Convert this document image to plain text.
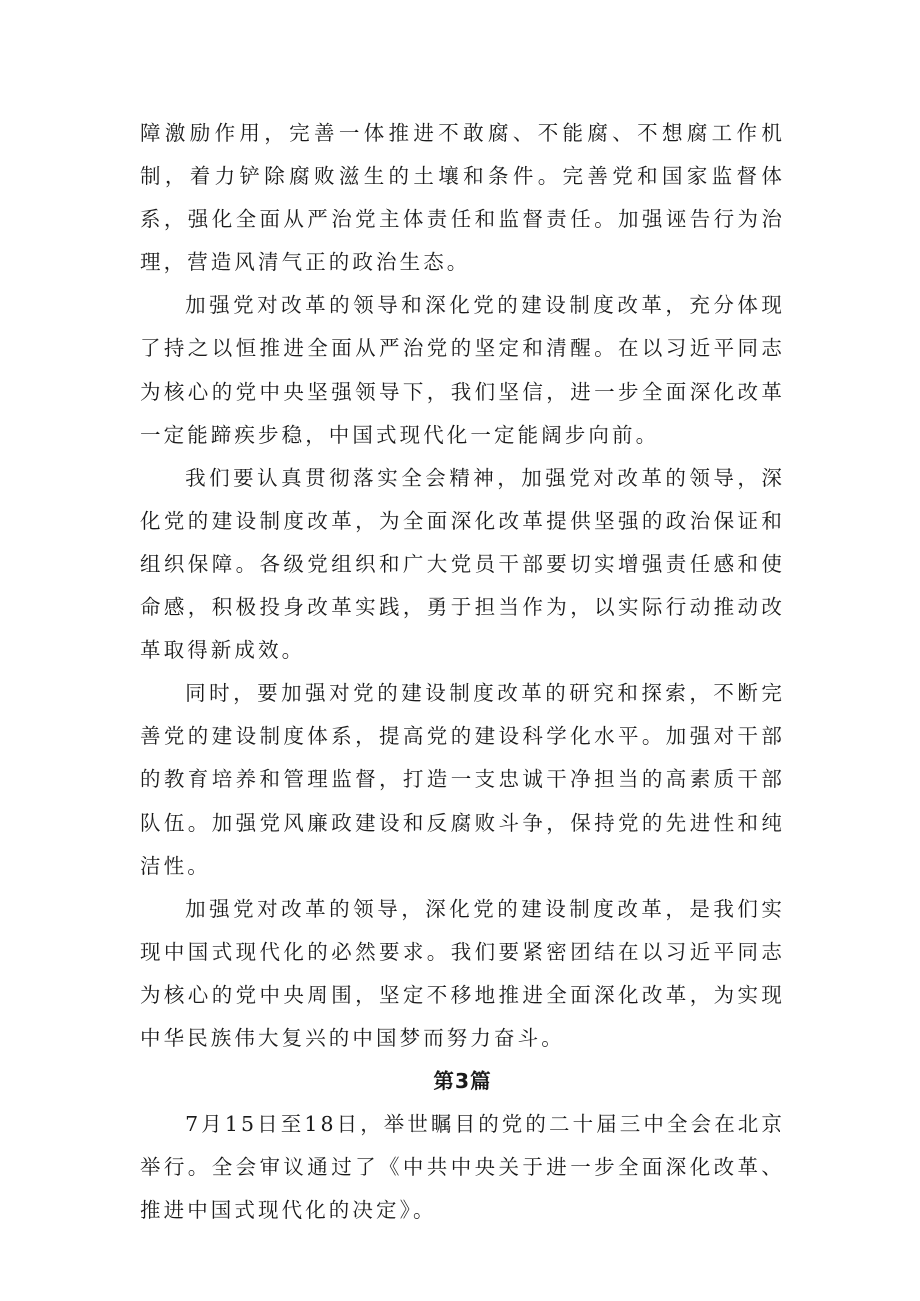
障激励作用，完善一体推进不敢腐、不能腐、不想腐工作机制，着力铲除腐败滋生的土壤和条件。完善党和国家监督体系，强化全面从严治党主体责任和监督责任。加强诬告行为治理，营造风清气正的政治生态。

加强党对改革的领导和深化党的建设制度改革，充分体现了持之以恒推进全面从严治党的坚定和清醒。在以习近平同志为核心的党中央坚强领导下，我们坚信，进一步全面深化改革一定能蹄疾步稳，中国式现代化一定能阔步向前。

我们要认真贯彻落实全会精神，加强党对改革的领导，深化党的建设制度改革，为全面深化改革提供坚强的政治保证和组织保障。各级党组织和广大党员干部要切实增强责任感和使命感，积极投身改革实践，勇于担当作为，以实际行动推动改革取得新成效。

同时，要加强对党的建设制度改革的研究和探索，不断完善党的建设制度体系，提高党的建设科学化水平。加强对干部的教育培养和管理监督，打造一支忠诚干净担当的高素质干部队伍。加强党风廉政建设和反腐败斗争，保持党的先进性和纯洁性。

加强党对改革的领导，深化党的建设制度改革，是我们实现中国式现代化的必然要求。我们要紧密团结在以习近平同志为核心的党中央周围，坚定不移地推进全面深化改革，为实现中华民族伟大复兴的中国梦而努力奋斗。

第3篇

7月15日至18日，举世瞩目的党的二十届三中全会在北京举行。全会审议通过了《中共中央关于进一步全面深化改革、推进中国式现代化的决定》。
